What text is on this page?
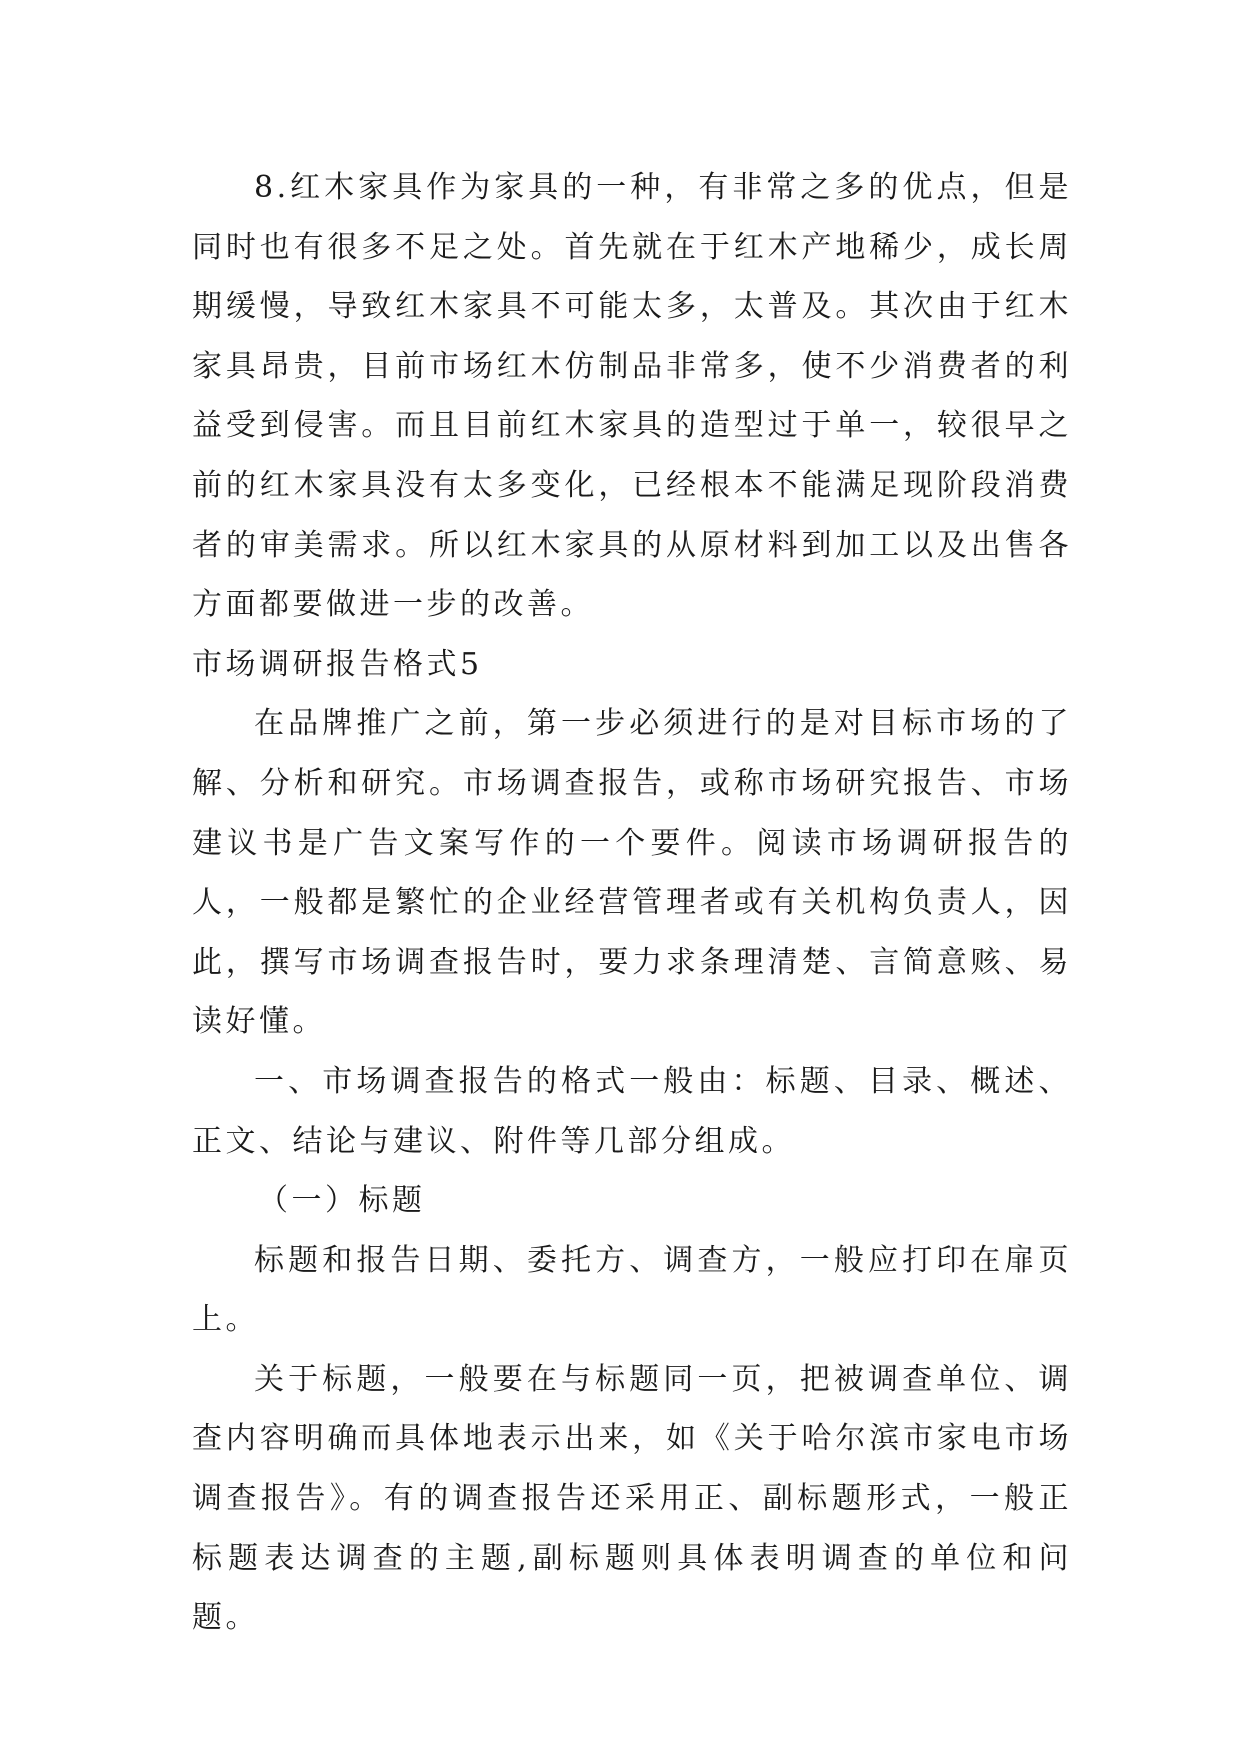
8.红木家具作为家具的一种，有非常之多的优点，但是同时也有很多不足之处。首先就在于红木产地稀少，成长周期缓慢，导致红木家具不可能太多，太普及。其次由于红木家具昂贵，目前市场红木仿制品非常多，使不少消费者的利益受到侵害。而且目前红木家具的造型过于单一，较很早之前的红木家具没有太多变化，已经根本不能满足现阶段消费者的审美需求。所以红木家具的从原材料到加工以及出售各方面都要做进一步的改善。

市场调研报告格式5

在品牌推广之前，第一步必须进行的是对目标市场的了解、分析和研究。市场调查报告，或称市场研究报告、市场建议书是广告文案写作的一个要件。阅读市场调研报告的人，一般都是繁忙的企业经营管理者或有关机构负责人，因此，撰写市场调查报告时，要力求条理清楚、言简意赅、易读好懂。

一、市场调查报告的格式一般由：标题、目录、概述、正文、结论与建议、附件等几部分组成。

（一）标题

标题和报告日期、委托方、调查方，一般应打印在扉页上。

关于标题，一般要在与标题同一页，把被调查单位、调查内容明确而具体地表示出来，如《关于哈尔滨市家电市场调查报告》。有的调查报告还采用正、副标题形式，一般正标题表达调查的主题,副标题则具体表明调查的单位和问题。
